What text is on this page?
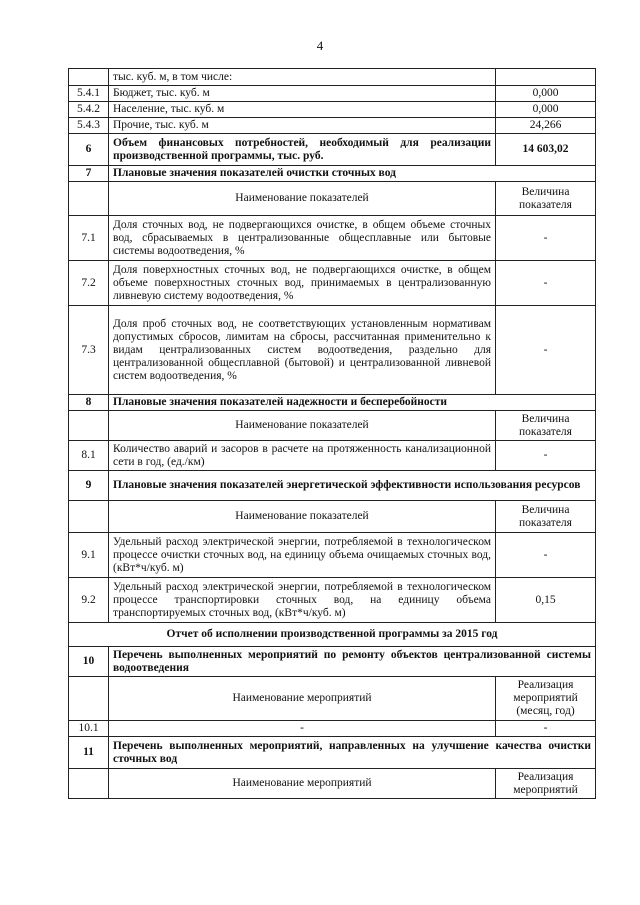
4
	тыс. куб. м, в том числе:	
5.4.1	Бюджет, тыс. куб. м	0,000
5.4.2	Население, тыс. куб. м	0,000
5.4.3	Прочие, тыс. куб. м	24,266
6	Объем финансовых потребностей, необходимый для реализации производственной программы, тыс. руб.	14 603,02
7	Плановые значения показателей очистки сточных вод	
	Наименование показателей	Величина
показателя
7.1	Доля сточных вод, не подвергающихся очистке, в общем объеме сточных вод, сбрасываемых в централизованные общесплавные или бытовые системы водоотведения, %	-
7.2	Доля поверхностных сточных вод, не подвергающихся очистке, в общем объеме поверхностных сточных вод, принимаемых в централизованную ливневую систему водоотведения, %	-
7.3	Доля проб сточных вод, не соответствующих установленным нормативам допустимых сбросов, лимитам на сбросы, рассчитанная применительно к видам централизованных систем водоотведения, раздельно для централизованной общесплавной (бытовой) и централизованной ливневой систем водоотведения, %	-
8	Плановые значения показателей надежности и бесперебойности	
	Наименование показателей	Величина
показателя
8.1	Количество аварий и засоров в расчете на протяженность канализационной сети в год, (ед./км)	-
9	Плановые значения показателей энергетической эффективности использования ресурсов	
	Наименование показателей	Величина
показателя
9.1	Удельный расход электрической энергии, потребляемой в технологическом процессе очистки сточных вод, на единицу объема очищаемых сточных вод, (кВт*ч/куб. м)	-
9.2	Удельный расход электрической энергии, потребляемой в технологическом процессе транспортировки сточных вод, на единицу объема транспортируемых сточных вод, (кВт*ч/куб. м)	0,15
Отчет об исполнении производственной программы за 2015 год		
10	Перечень выполненных мероприятий по ремонту объектов централизованной системы водоотведения	
	Наименование мероприятий	Реализация
мероприятий
(месяц, год)
10.1	-	-
11	Перечень выполненных мероприятий, направленных на улучшение качества очистки сточных вод	
	Наименование мероприятий	Реализация
мероприятий
